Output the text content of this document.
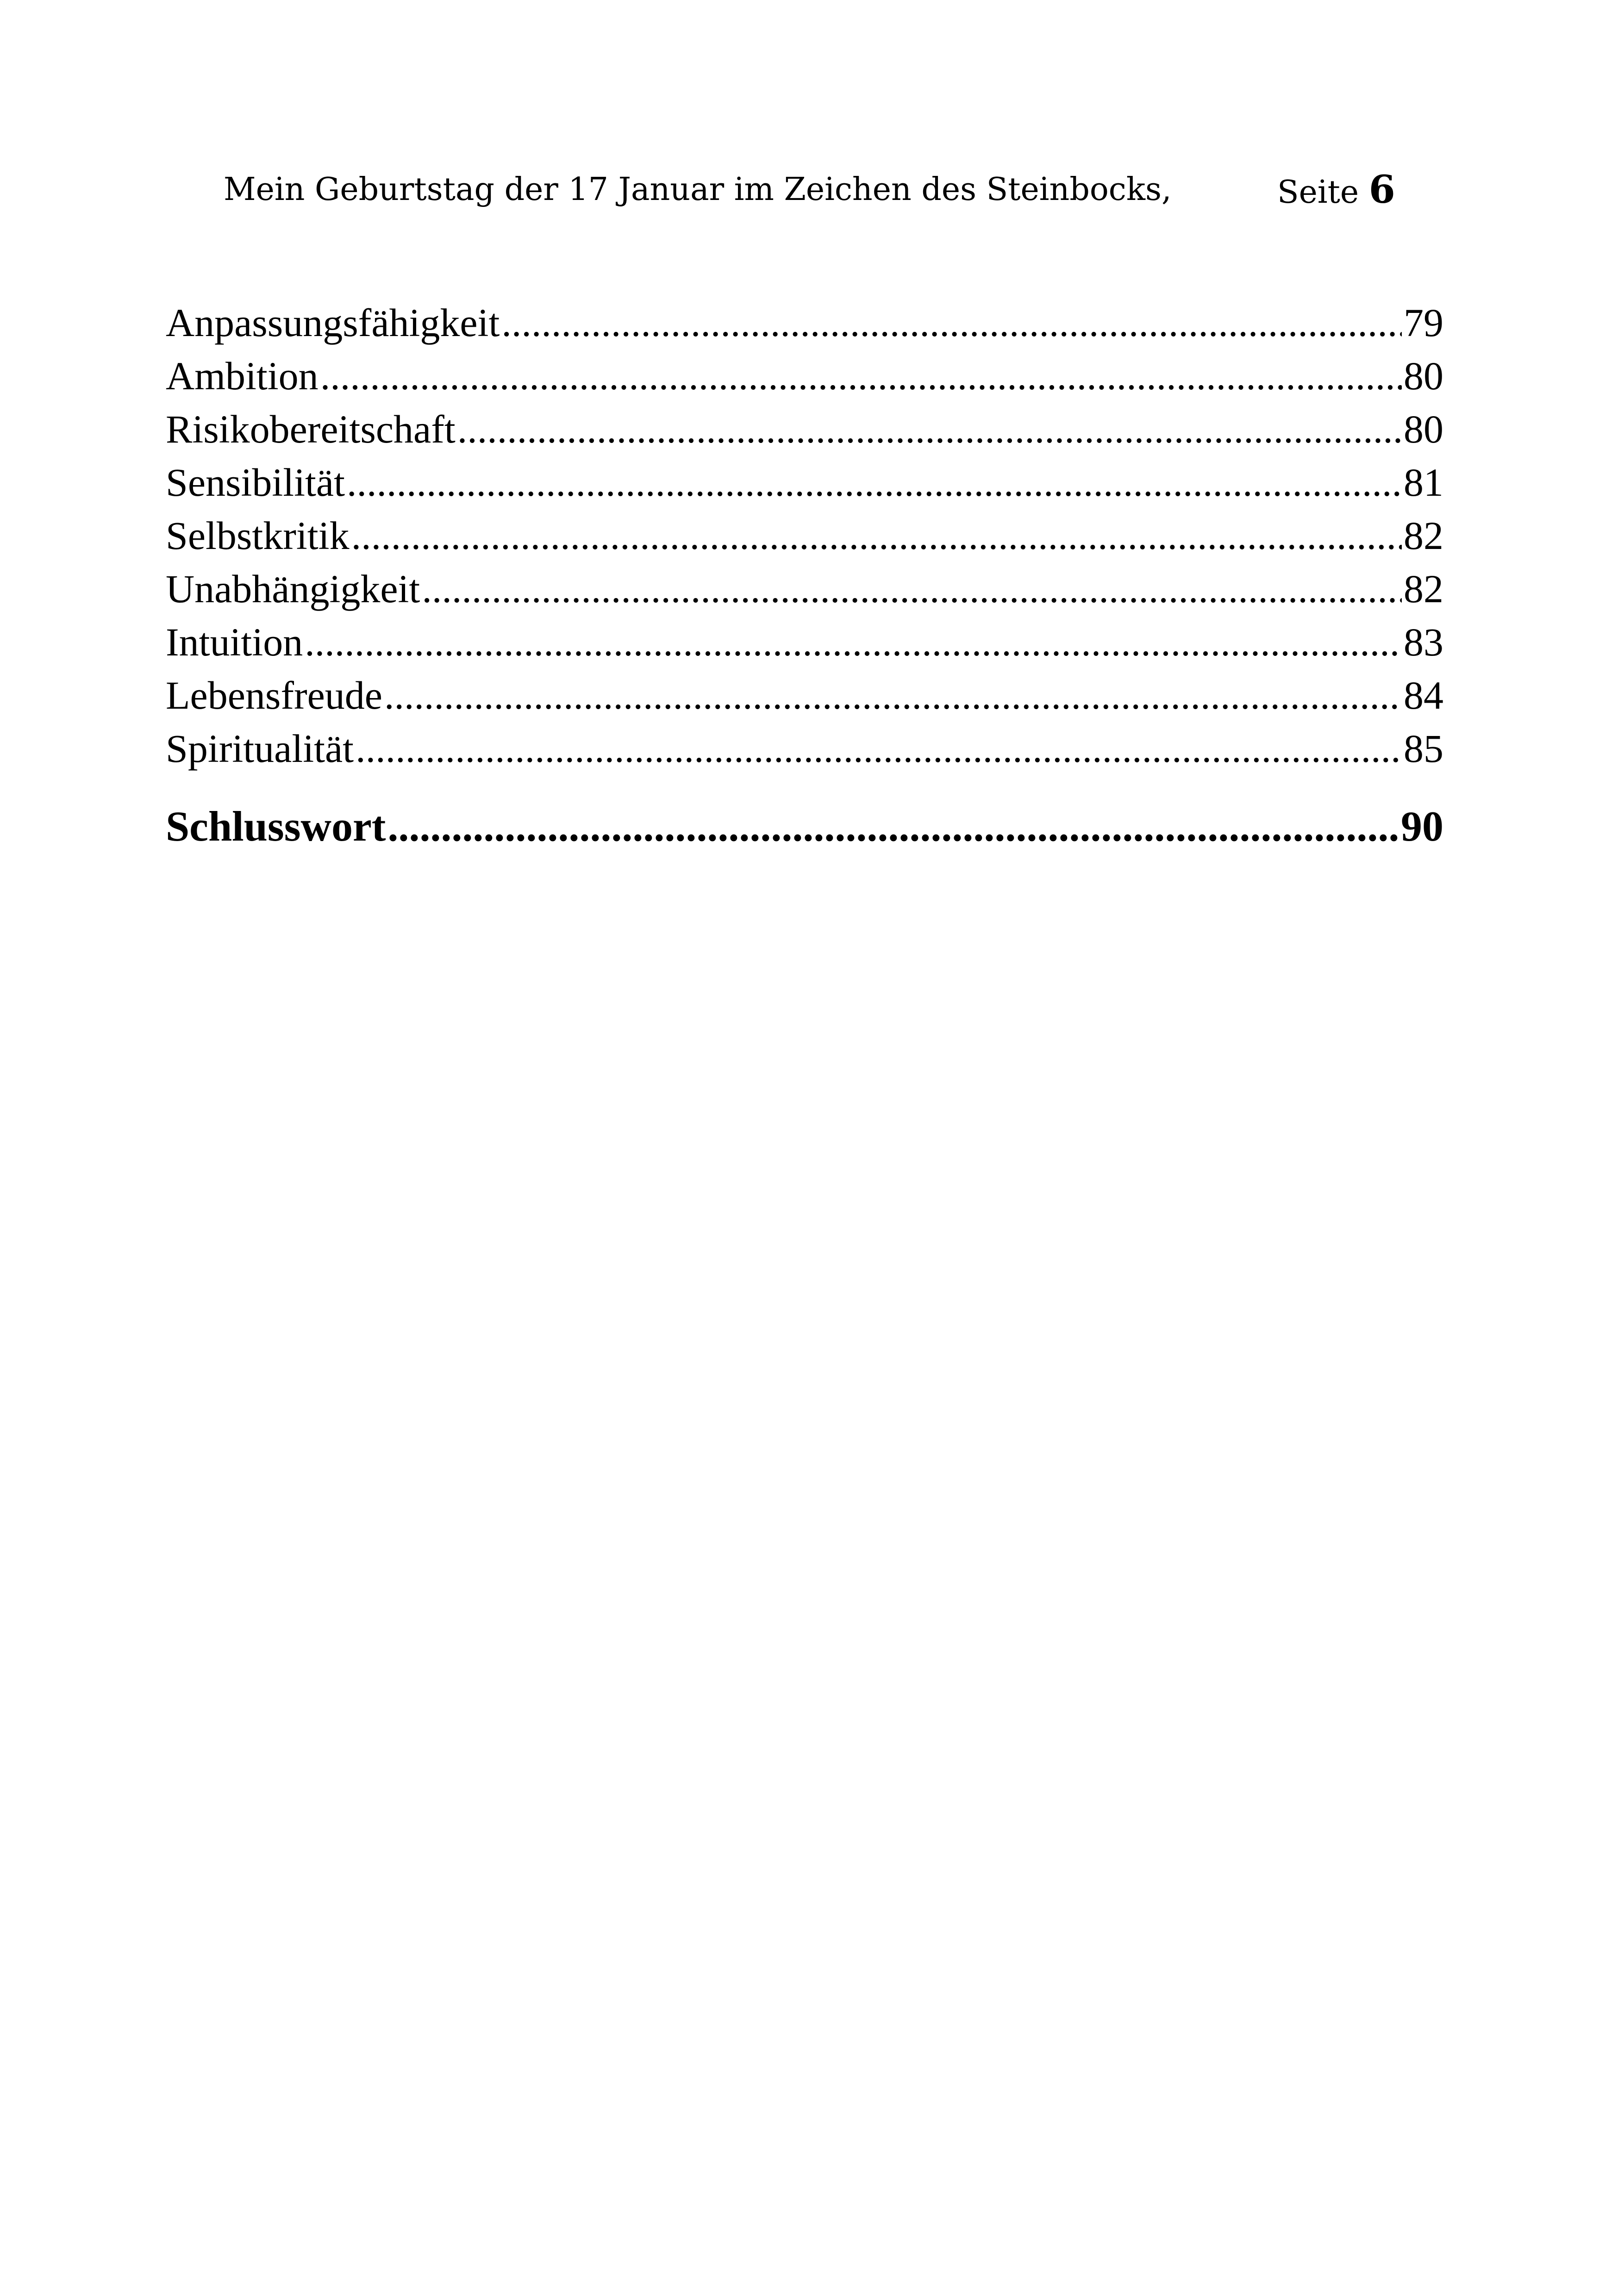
Mein Geburtstag der 17 Januar im Zeichen des Steinbocks,	Seite 6
Anpassungsfähigkeit .....	79
Ambition .....	80
Risikobereitschaft .....	80
Sensibilität .....	81
Selbstkritik .....	82
Unabhängigkeit .....	82
Intuition .....	83
Lebensfreude .....	84
Spiritualität .....	85
Schlusswort .....	90
